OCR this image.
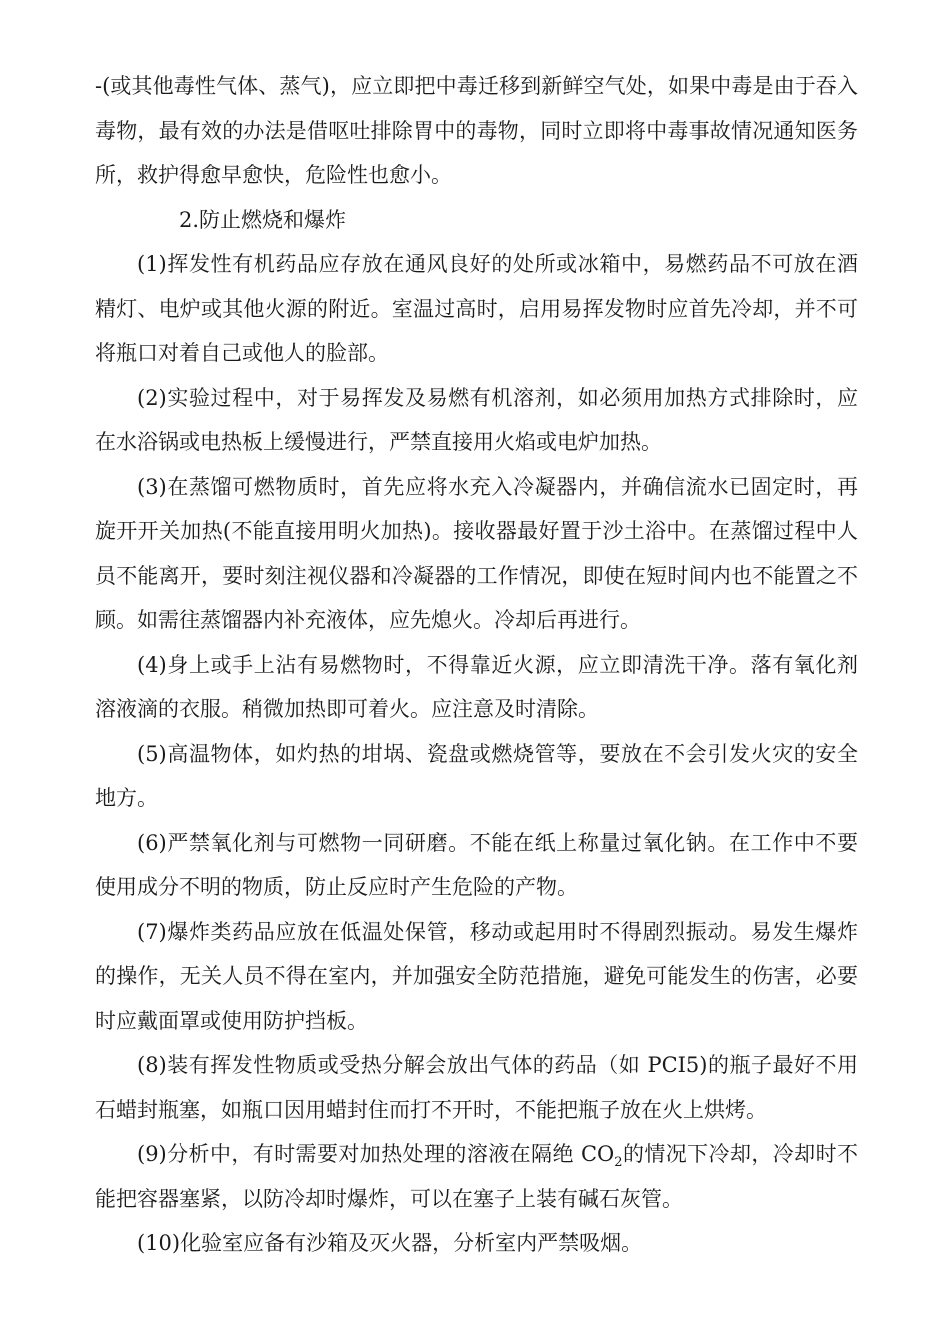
-(或其他毒性气体、蒸气)，应立即把中毒迁移到新鲜空气处，如果中毒是由于吞入毒物，最有效的办法是借呕吐排除胃中的毒物，同时立即将中毒事故情况通知医务所，救护得愈早愈快，危险性也愈小。

2.防止燃烧和爆炸

(1)挥发性有机药品应存放在通风良好的处所或冰箱中，易燃药品不可放在酒精灯、电炉或其他火源的附近。室温过高时，启用易挥发物时应首先冷却，并不可将瓶口对着自己或他人的脸部。

(2)实验过程中，对于易挥发及易燃有机溶剂，如必须用加热方式排除时，应在水浴锅或电热板上缓慢进行，严禁直接用火焰或电炉加热。

(3)在蒸馏可燃物质时，首先应将水充入冷凝器内，并确信流水已固定时，再旋开开关加热(不能直接用明火加热)。接收器最好置于沙土浴中。在蒸馏过程中人员不能离开，要时刻注视仪器和冷凝器的工作情况，即使在短时间内也不能置之不顾。如需往蒸馏器内补充液体，应先熄火。冷却后再进行。

(4)身上或手上沾有易燃物时，不得靠近火源，应立即清洗干净。落有氧化剂溶液滴的衣服。稍微加热即可着火。应注意及时清除。

(5)高温物体，如灼热的坩埚、瓷盘或燃烧管等，要放在不会引发火灾的安全地方。

(6)严禁氧化剂与可燃物一同研磨。不能在纸上称量过氧化钠。在工作中不要使用成分不明的物质，防止反应时产生危险的产物。

(7)爆炸类药品应放在低温处保管，移动或起用时不得剧烈振动。易发生爆炸的操作，无关人员不得在室内，并加强安全防范措施，避免可能发生的伤害，必要时应戴面罩或使用防护挡板。

(8)装有挥发性物质或受热分解会放出气体的药品（如 PCI5)的瓶子最好不用石蜡封瓶塞，如瓶口因用蜡封住而打不开时，不能把瓶子放在火上烘烤。

(9)分析中，有时需要对加热处理的溶液在隔绝 $CO_2$的情况下冷却，冷却时不能把容器塞紧，以防冷却时爆炸，可以在塞子上装有碱石灰管。

(10)化验室应备有沙箱及灭火器，分析室内严禁吸烟。
